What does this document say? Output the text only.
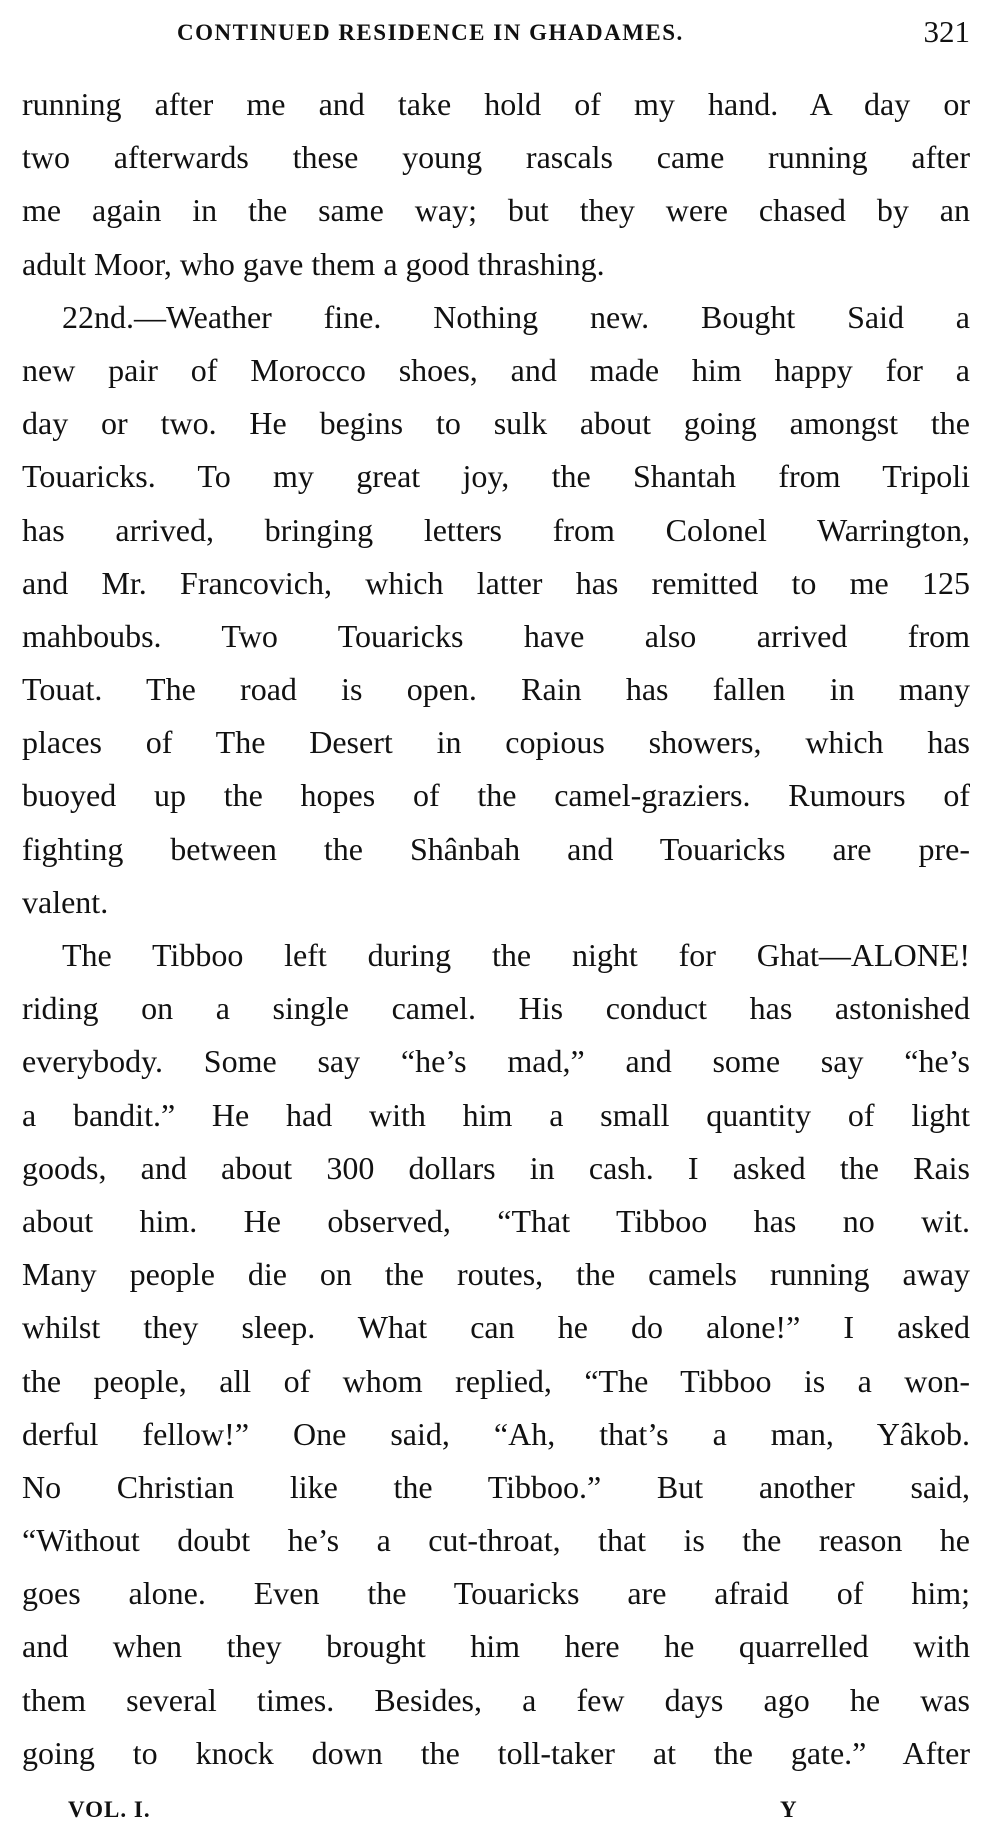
CONTINUED RESIDENCE IN GHADAMES.	321
running after me and take hold of my hand. A day or
two afterwards these young rascals came running after
me again in the same way; but they were chased by an
adult Moor, who gave them a good thrashing.
22nd.—Weather fine. Nothing new. Bought Said a
new pair of Morocco shoes, and made him happy for a
day or two. He begins to sulk about going amongst the
Touaricks. To my great joy, the Shantah from Tripoli
has arrived, bringing letters from Colonel Warrington,
and Mr. Francovich, which latter has remitted to me 125
mahboubs. Two Touaricks have also arrived from
Touat. The road is open. Rain has fallen in many
places of The Desert in copious showers, which has
buoyed up the hopes of the camel-graziers. Rumours of
fighting between the Shânbah and Touaricks are pre-
valent.
The Tibboo left during the night for Ghat—ALONE!
riding on a single camel. His conduct has astonished
everybody. Some say “he’s mad,” and some say “he’s
a bandit.” He had with him a small quantity of light
goods, and about 300 dollars in cash. I asked the Rais
about him. He observed, “That Tibboo has no wit.
Many people die on the routes, the camels running away
whilst they sleep. What can he do alone!” I asked
the people, all of whom replied, “The Tibboo is a won-
derful fellow!” One said, “Ah, that’s a man, Yâkob.
No Christian like the Tibboo.” But another said,
“Without doubt he’s a cut-throat, that is the reason he
goes alone. Even the Touaricks are afraid of him;
and when they brought him here he quarrelled with
them several times. Besides, a few days ago he was
going to knock down the toll-taker at the gate.” After
VOL. I.	Y
